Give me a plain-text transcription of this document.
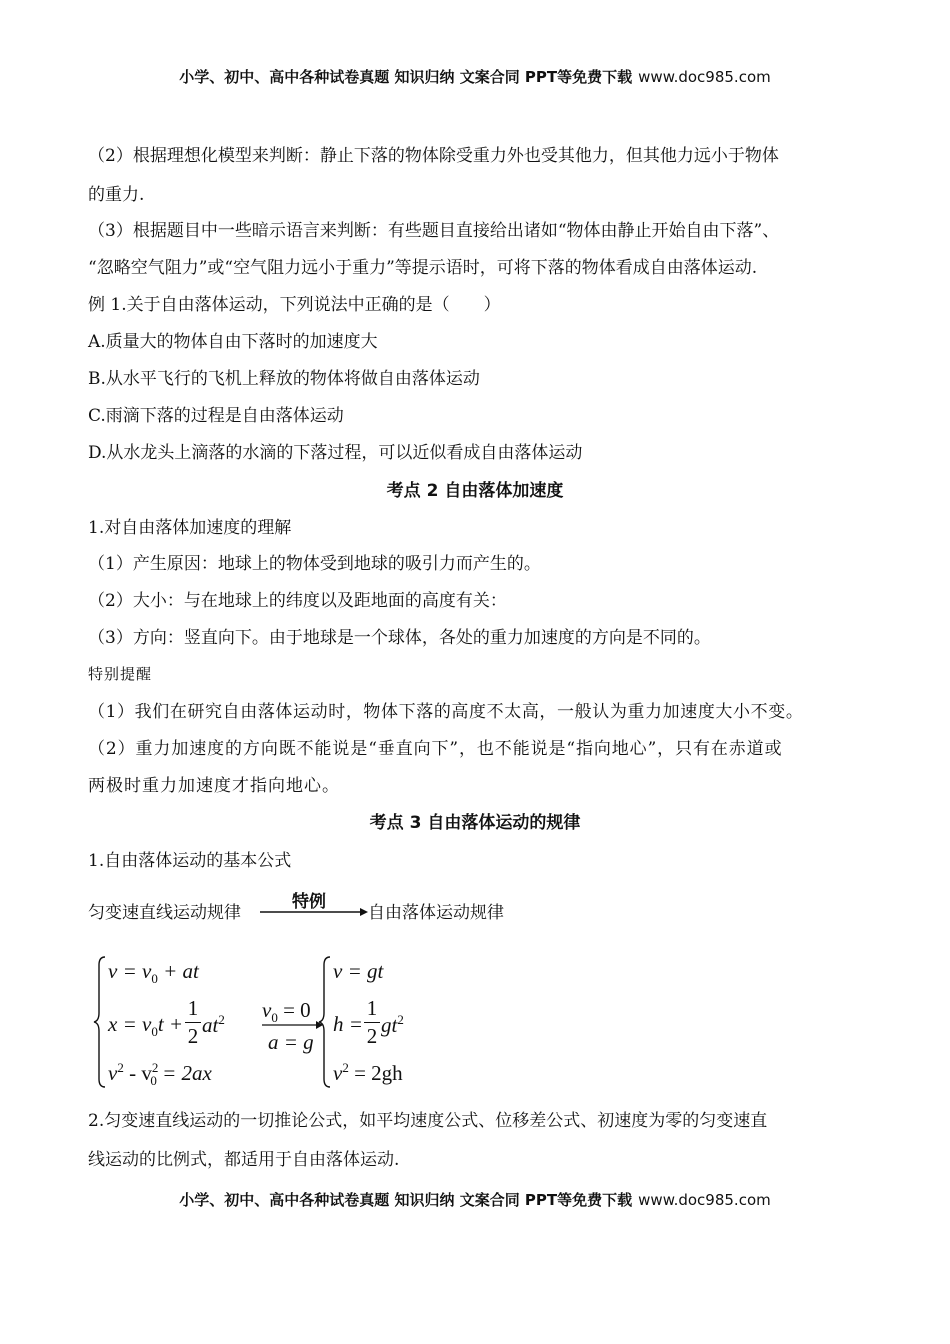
小学、初中、高中各种试卷真题 知识归纳 文案合同 PPT等免费下载 www.doc985.com
（2）根据理想化模型来判断：静止下落的物体除受重力外也受其他力，但其他力远小于物体
的重力.
（3）根据题目中一些暗示语言来判断：有些题目直接给出诸如“物体由静止开始自由下落”、
“忽略空气阻力”或“空气阻力远小于重力”等提示语时，可将下落的物体看成自由落体运动.
例 1.关于自由落体运动，下列说法中正确的是（　　）
A.质量大的物体自由下落时的加速度大
B.从水平飞行的飞机上释放的物体将做自由落体运动
C.雨滴下落的过程是自由落体运动
D.从水龙头上滴落的水滴的下落过程，可以近似看成自由落体运动
考点 2 自由落体加速度
1.对自由落体加速度的理解
（1）产生原因：地球上的物体受到地球的吸引力而产生的。
（2）大小：与在地球上的纬度以及距地面的高度有关：
（3）方向：竖直向下。由于地球是一个球体，各处的重力加速度的方向是不同的。
特别提醒
（1）我们在研究自由落体运动时，物体下落的高度不太高，一般认为重力加速度大小不变。
（2）重力加速度的方向既不能说是“垂直向下”，也不能说是“指向地心”，只有在赤道或
两极时重力加速度才指向地心。
考点 3 自由落体运动的规律
1.自由落体运动的基本公式
匀变速直线运动规律
特例
自由落体运动规律
$v = v_0$ + at
$x = v_0t$ +
1
2 $at^2$
$v^2 - v^2_0 = 2ax$
$v_0 = 0$
a = g
v = gt
h =
1
2 $gt^2$
$v^2 = 2gh$
2.匀变速直线运动的一切推论公式，如平均速度公式、位移差公式、初速度为零的匀变速直
线运动的比例式，都适用于自由落体运动.
小学、初中、高中各种试卷真题 知识归纳 文案合同 PPT等免费下载 www.doc985.com
